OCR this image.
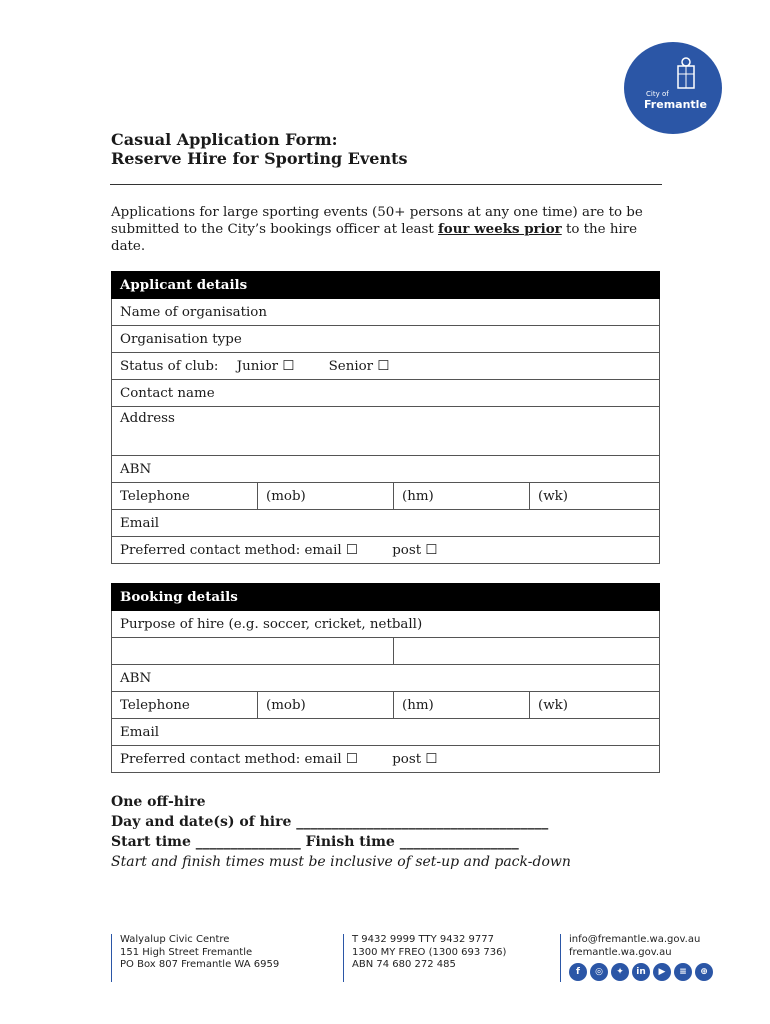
City of
Fremantle
Casual Application Form:
Reserve Hire for Sporting Events
Applications for large sporting events (50+ persons at any one time) are to be submitted to the City’s bookings officer at least four weeks prior to the hire date.
Applicant details
Name of organisation
Organisation type
Status of club: Junior ☐	Senior ☐
Contact name
Address
ABN
Telephone	(mob)	(hm)	(wk)
Email
Preferred contact method: email ☐	post ☐
Booking details			
Purpose of hire (e.g. soccer, cricket, netball)			

ABN			
Telephone	(mob)	(hm)	(wk)
Email			
Preferred contact method: email ☐ post ☐			
One off-hire
Day and date(s) of hire ____________________________________
Start time _______________ Finish time _________________
Start and finish times must be inclusive of set-up and pack-down
Walyalup Civic Centre
151 High Street Fremantle
PO Box 807 Fremantle WA 6959
T 9432 9999 TTY 9432 9777
1300 MY FREO (1300 693 736)
ABN 74 680 272 485
info@fremantle.wa.gov.au
fremantle.wa.gov.au
f	◎	✦	in	▶	≡	⊕
